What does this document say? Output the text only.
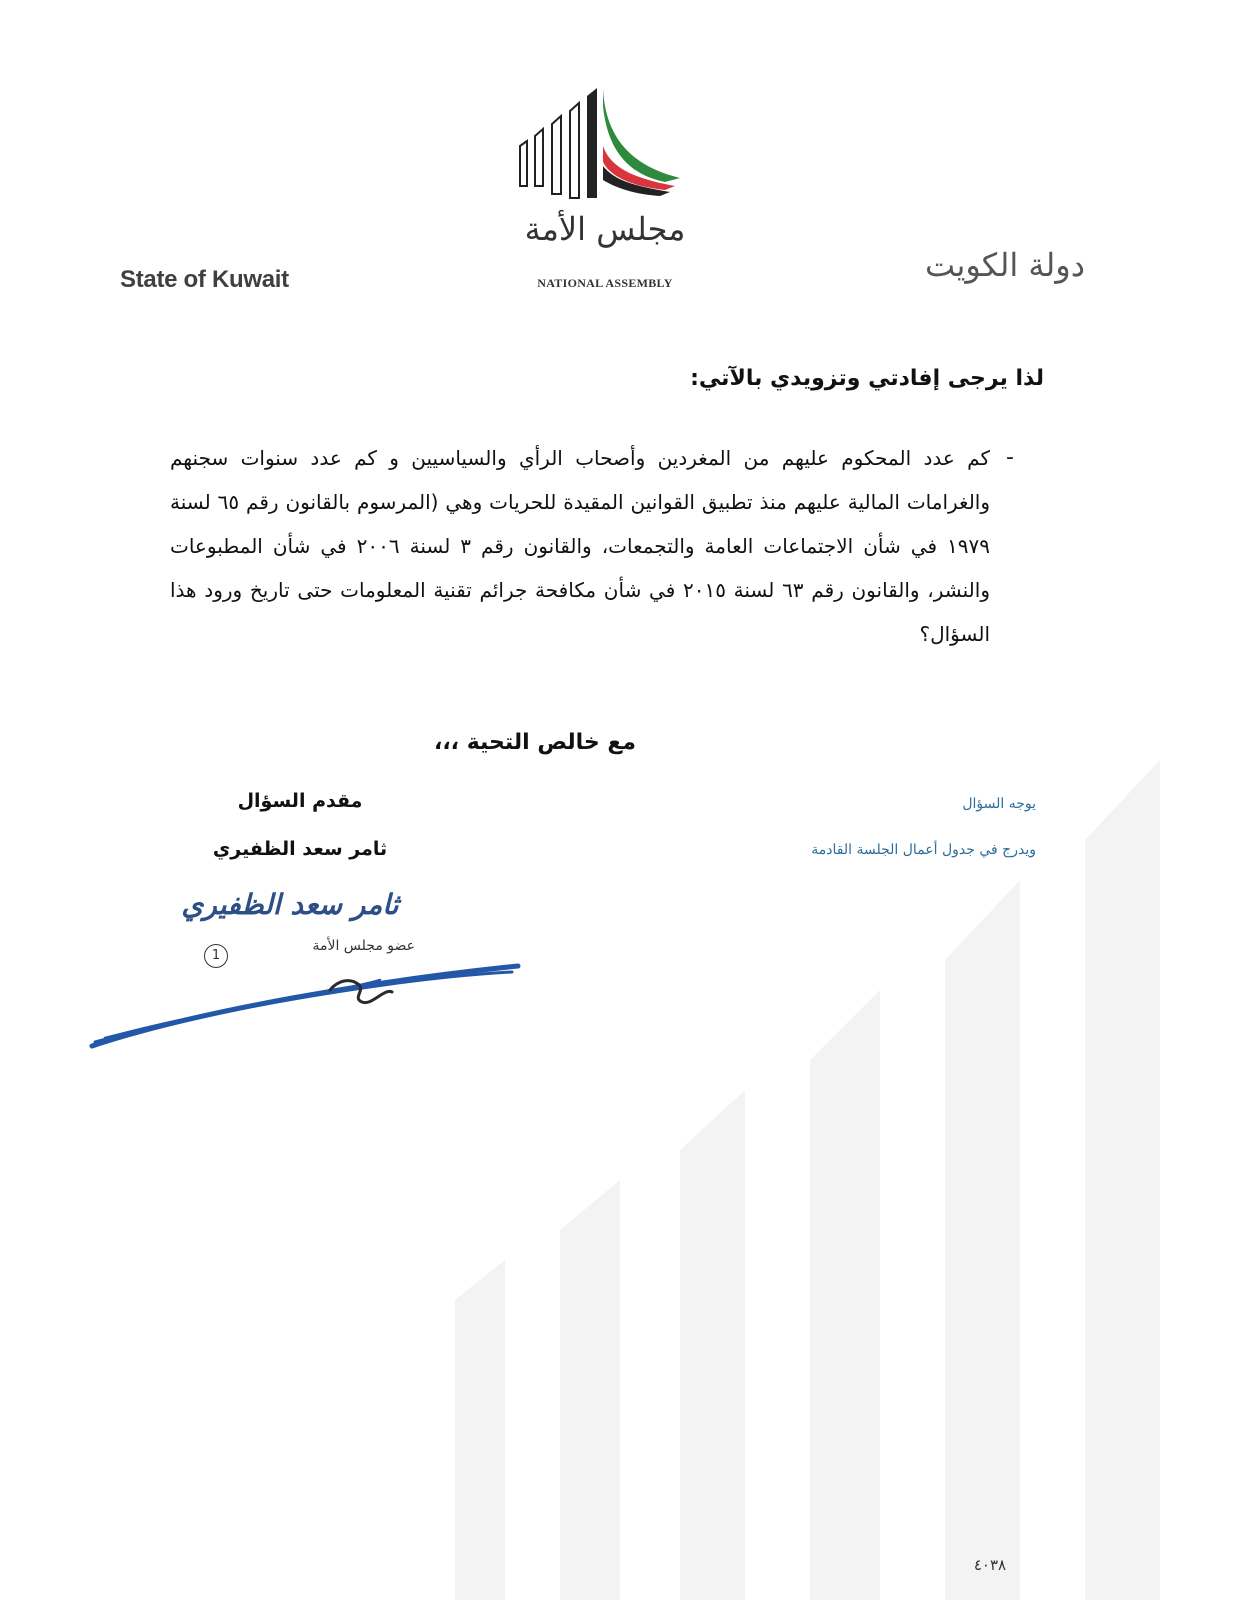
State of Kuwait	دولة الكويت
مجلس الأمة
NATIONAL ASSEMBLY

لذا يرجى إفادتي وتزويدي بالآتي:

-

كم عدد المحكوم عليهم من المغردين وأصحاب الرأي والسياسيين و كم عدد سنوات سجنهم والغرامات المالية عليهم منذ تطبيق القوانين المقيدة للحريات وهي (المرسوم بالقانون رقم ٦٥ لسنة ١٩٧٩ في شأن الاجتماعات العامة والتجمعات، والقانون رقم ٣ لسنة ٢٠٠٦ في شأن المطبوعات والنشر، والقانون رقم ٦٣ لسنة ٢٠١٥ في شأن مكافحة جرائم تقنية المعلومات حتى تاريخ ورود هذا السؤال؟

مع خالص التحية ،،،

مقدم السؤال

ثامر سعد الظفيري

ثامر سعد الظفيري
عضو مجلس الأمة
1
يوجه السؤال
ويدرج في جدول أعمال الجلسة القادمة
٤٠٣٨
